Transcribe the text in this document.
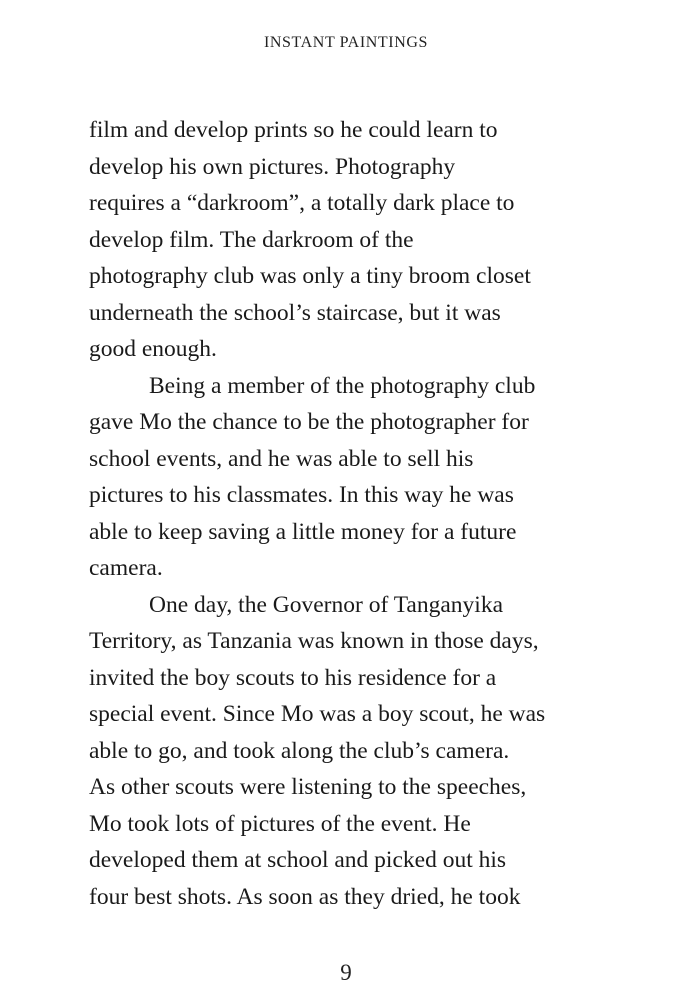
INSTANT PAINTINGS
film and develop prints so he could learn to
develop his own pictures. Photography
requires a “darkroom”, a totally dark place to
develop film. The darkroom of the
photography club was only a tiny broom closet
underneath the school’s staircase, but it was
good enough.
Being a member of the photography club
gave Mo the chance to be the photographer for
school events, and he was able to sell his
pictures to his classmates. In this way he was
able to keep saving a little money for a future
camera.
One day, the Governor of Tanganyika
Territory, as Tanzania was known in those days,
invited the boy scouts to his residence for a
special event. Since Mo was a boy scout, he was
able to go, and took along the club’s camera.
As other scouts were listening to the speeches,
Mo took lots of pictures of the event. He
developed them at school and picked out his
four best shots. As soon as they dried, he took
9
